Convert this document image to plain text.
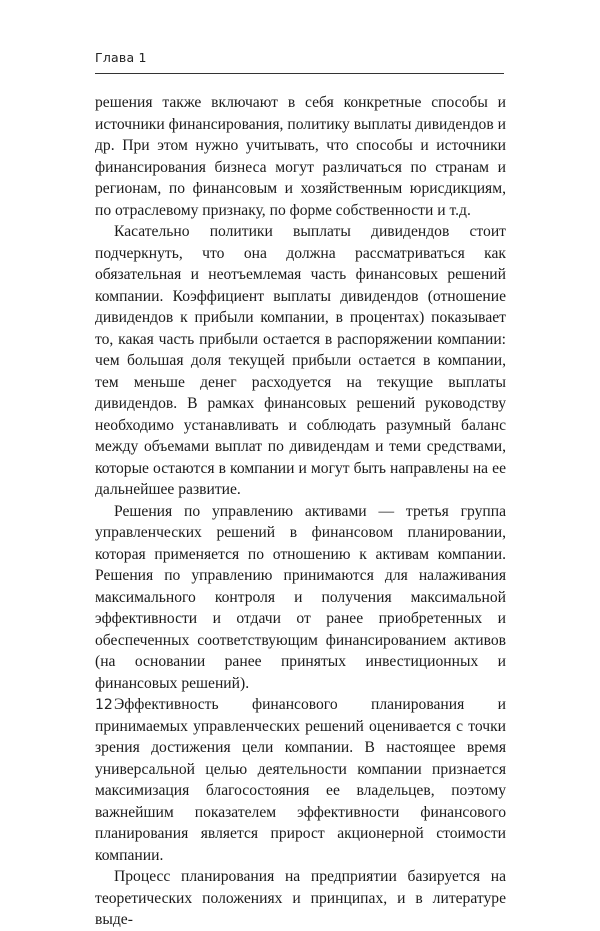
Глава 1

решения также включают в себя конкретные способы и источники финансирования, политику выплаты дивидендов и др. При этом нужно учитывать, что способы и источники финансирования бизнеса могут различаться по странам и регионам, по финансовым и хозяйственным юрисдикциям, по отраслевому признаку, по форме собственности и т.д.

Касательно политики выплаты дивидендов стоит подчеркнуть, что она должна рассматриваться как обязательная и неотъемлемая часть финансовых решений компании. Коэффициент выплаты дивидендов (отношение дивидендов к прибыли компании, в процентах) показывает то, какая часть прибыли остается в распоряжении компании: чем большая доля текущей прибыли остается в компании, тем меньше денег расходуется на текущие выплаты дивидендов. В рамках финансовых решений руководству необходимо устанавливать и соблюдать разумный баланс между объемами выплат по дивидендам и теми средствами, которые остаются в компании и могут быть направлены на ее дальнейшее развитие.

Решения по управлению активами — третья группа управленческих решений в финансовом планировании, которая применяется по отношению к активам компании. Решения по управлению принимаются для налаживания максимального контроля и получения максимальной эффективности и отдачи от ранее приобретенных и обеспеченных соответствующим финансированием активов (на основании ранее принятых инвестиционных и финансовых решений).

Эффективность финансового планирования и принимаемых управленческих решений оценивается с точки зрения достижения цели компании. В настоящее время универсальной целью деятельности компании признается максимизация благосостояния ее владельцев, поэтому важнейшим показателем эффективности финансового планирования является прирост акционерной стоимости компании.

Процесс планирования на предприятии базируется на теоретических положениях и принципах, и в литературе выде-

12
